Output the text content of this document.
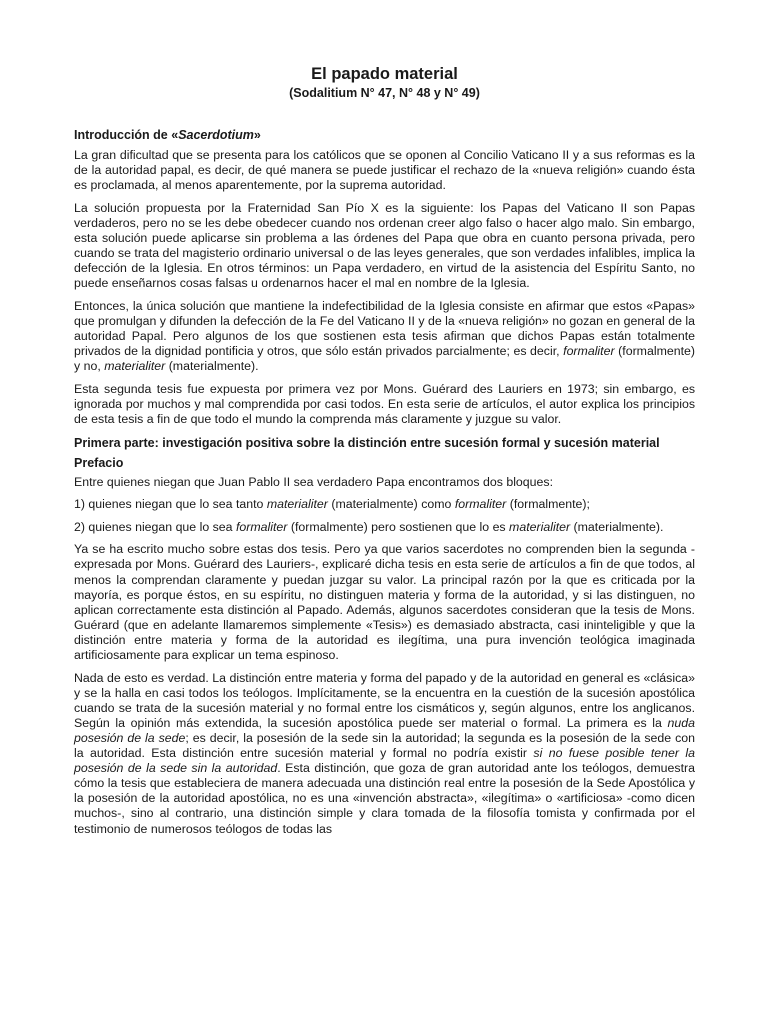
El papado material
(Sodalitium N° 47, N° 48 y N° 49)
Introducción de «Sacerdotium»

La gran dificultad que se presenta para los católicos que se oponen al Concilio Vaticano II y a sus reformas es la de la autoridad papal, es decir, de qué manera se puede justificar el rechazo de la «nueva religión» cuando ésta es proclamada, al menos aparentemente, por la suprema autoridad.

La solución propuesta por la Fraternidad San Pío X es la siguiente: los Papas del Vaticano II son Papas verdaderos, pero no se les debe obedecer cuando nos ordenan creer algo falso o hacer algo malo. Sin embargo, esta solución puede aplicarse sin problema a las órdenes del Papa que obra en cuanto persona privada, pero cuando se trata del magisterio ordinario universal o de las leyes generales, que son verdades infalibles, implica la defección de la Iglesia. En otros términos: un Papa verdadero, en virtud de la asistencia del Espíritu Santo, no puede enseñarnos cosas falsas u ordenarnos hacer el mal en nombre de la Iglesia.

Entonces, la única solución que mantiene la indefectibilidad de la Iglesia consiste en afirmar que estos «Papas» que promulgan y difunden la defección de la Fe del Vaticano II y de la «nueva religión» no gozan en general de la autoridad Papal. Pero algunos de los que sostienen esta tesis afirman que dichos Papas están totalmente privados de la dignidad pontificia y otros, que sólo están privados parcialmente; es decir, formaliter (formalmente) y no, materialiter (materialmente).

Esta segunda tesis fue expuesta por primera vez por Mons. Guérard des Lauriers en 1973; sin embargo, es ignorada por muchos y mal comprendida por casi todos. En esta serie de artículos, el autor explica los principios de esta tesis a fin de que todo el mundo la comprenda más claramente y juzgue su valor.

Primera parte: investigación positiva sobre la distinción entre sucesión formal y sucesión material
Prefacio

Entre quienes niegan que Juan Pablo II sea verdadero Papa encontramos dos bloques:

1) quienes niegan que lo sea tanto materialiter (materialmente) como formaliter (formalmente);

2) quienes niegan que lo sea formaliter (formalmente) pero sostienen que lo es materialiter (materialmente).

Ya se ha escrito mucho sobre estas dos tesis. Pero ya que varios sacerdotes no comprenden bien la segunda -expresada por Mons. Guérard des Lauriers-, explicaré dicha tesis en esta serie de artículos a fin de que todos, al menos la comprendan claramente y puedan juzgar su valor. La principal razón por la que es criticada por la mayoría, es porque éstos, en su espíritu, no distinguen materia y forma de la autoridad, y si las distinguen, no aplican correctamente esta distinción al Papado. Además, algunos sacerdotes consideran que la tesis de Mons. Guérard (que en adelante llamaremos simplemente «Tesis») es demasiado abstracta, casi ininteligible y que la distinción entre materia y forma de la autoridad es ilegítima, una pura invención teológica imaginada artificiosamente para explicar un tema espinoso.

Nada de esto es verdad. La distinción entre materia y forma del papado y de la autoridad en general es «clásica» y se la halla en casi todos los teólogos. Implícitamente, se la encuentra en la cuestión de la sucesión apostólica cuando se trata de la sucesión material y no formal entre los cismáticos y, según algunos, entre los anglicanos. Según la opinión más extendida, la sucesión apostólica puede ser material o formal. La primera es la nuda posesión de la sede; es decir, la posesión de la sede sin la autoridad; la segunda es la posesión de la sede con la autoridad. Esta distinción entre sucesión material y formal no podría existir si no fuese posible tener la posesión de la sede sin la autoridad. Esta distinción, que goza de gran autoridad ante los teólogos, demuestra cómo la tesis que estableciera de manera adecuada una distinción real entre la posesión de la Sede Apostólica y la posesión de la autoridad apostólica, no es una «invención abstracta», «ilegítima» o «artificiosa» -como dicen muchos-, sino al contrario, una distinción simple y clara tomada de la filosofía tomista y confirmada por el testimonio de numerosos teólogos de todas las
